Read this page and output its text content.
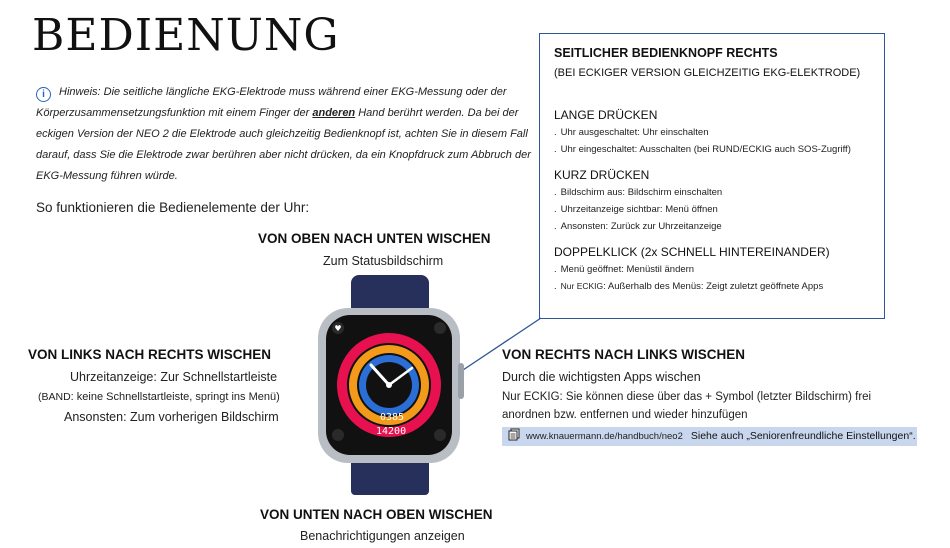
BEDIENUNG
i Hinweis: Die seitliche längliche EKG-Elektrode muss während einer EKG-Messung oder der Körperzusammensetzungsfunktion mit einem Finger der anderen Hand berührt werden. Da bei der eckigen Version der NEO 2 die Elektrode auch gleichzeitig Bedienknopf ist, achten Sie in diesem Fall darauf, dass Sie die Elektrode zwar berühren aber nicht drücken, da ein Knopfdruck zum Abbruch der EKG-Messung führen würde.
So funktionieren die Bedienelemente der Uhr:
VON OBEN NACH UNTEN WISCHEN
Zum Statusbildschirm
VON LINKS NACH RECHTS WISCHEN
Uhrzeitanzeige: Zur Schnellstartleiste
(BAND: keine Schnellstartleiste, springt ins Menü)
Ansonsten: Zum vorherigen Bildschirm
VON RECHTS NACH LINKS WISCHEN
Durch die wichtigsten Apps wischen
Nur ECKIG: Sie können diese über das + Symbol (letzter Bildschirm) frei
anordnen bzw. entfernen und wieder hinzufügen
www.knauermann.de/handbuch/neo2 Siehe auch „Seniorenfreundliche Einstellungen“.
VON UNTEN NACH OBEN WISCHEN
Benachrichtigungen anzeigen
SEITLICHER BEDIENKNOPF RECHTS
(BEI ECKIGER VERSION GLEICHZEITIG EKG-ELEKTRODE)
LANGE DRÜCKEN
. Uhr ausgeschaltet: Uhr einschalten
. Uhr eingeschaltet: Ausschalten (bei RUND/ECKIG auch SOS-Zugriff)
KURZ DRÜCKEN
. Bildschirm aus: Bildschirm einschalten
. Uhrzeitanzeige sichtbar: Menü öffnen
. Ansonsten: Zurück zur Uhrzeitanzeige
DOPPELKLICK (2x SCHNELL HINTEREINANDER)
. Menü geöffnet: Menüstil ändern
. Nur ECKIG: Außerhalb des Menüs: Zeigt zuletzt geöffnete Apps
♥
0385
14200
